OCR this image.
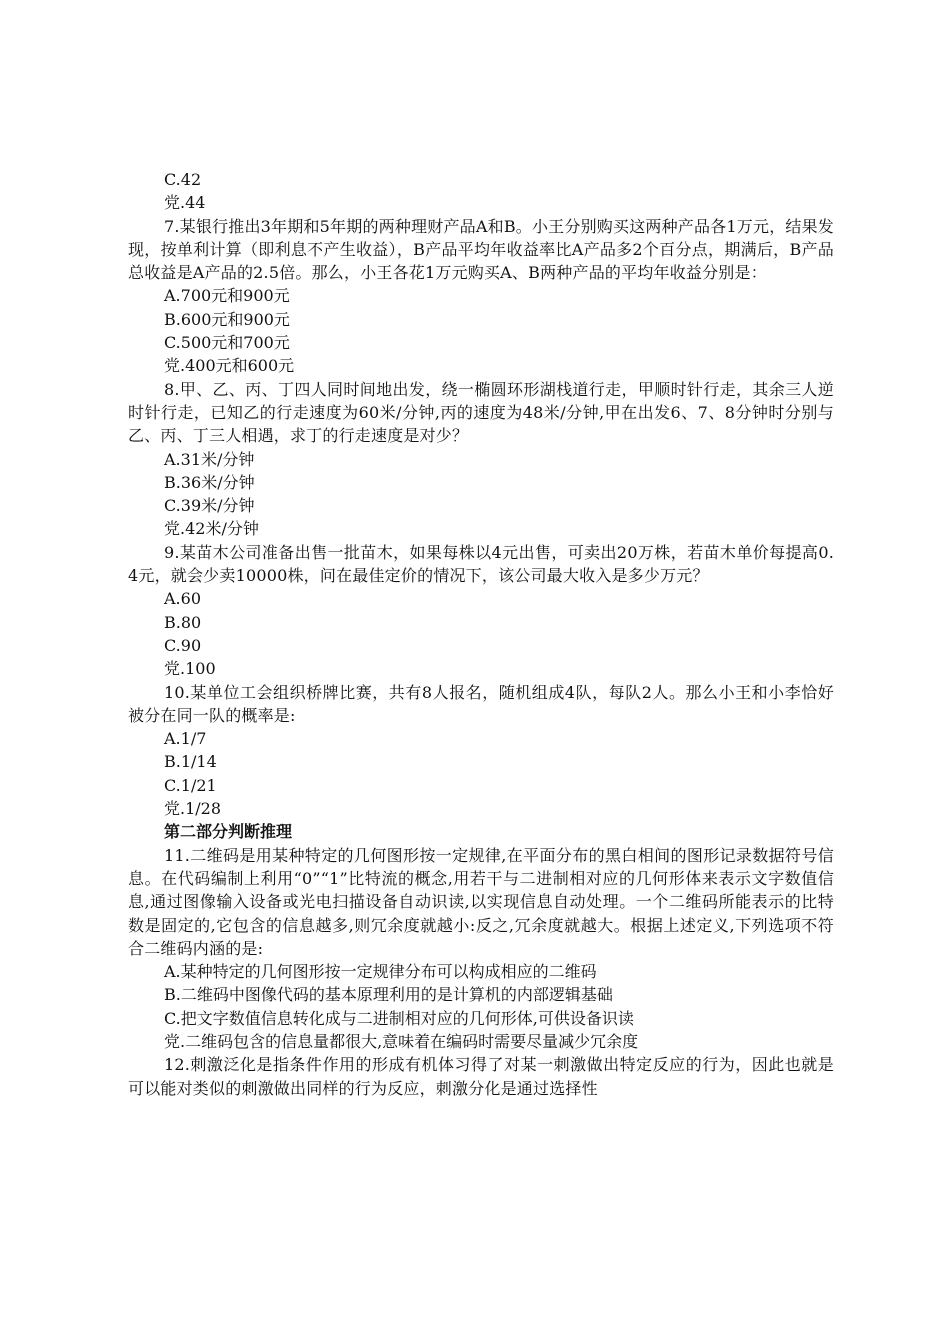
C.42
党.44
7.某银行推出3年期和5年期的两种理财产品A和B。小王分别购买这两种产品各1万元，结果发现，按单利计算（即利息不产生收益），B产品平均年收益率比A产品多2个百分点，期满后，B产品总收益是A产品的2.5倍。那么，小王各花1万元购买A、B两种产品的平均年收益分别是：
A.700元和900元
B.600元和900元
C.500元和700元
党.400元和600元
8.甲、乙、丙、丁四人同时间地出发，绕一椭圆环形湖栈道行走，甲顺时针行走，其余三人逆时针行走，已知乙的行走速度为60米/分钟,丙的速度为48米/分钟,甲在出发6、7、8分钟时分别与乙、丙、丁三人相遇，求丁的行走速度是对少？
A.31米/分钟
B.36米/分钟
C.39米/分钟
党.42米/分钟
9.某苗木公司准备出售一批苗木，如果每株以4元出售，可卖出20万株，若苗木单价每提高0.4元，就会少卖10000株，问在最佳定价的情况下，该公司最大收入是多少万元？
A.60
B.80
C.90
党.100
10.某单位工会组织桥牌比赛，共有8人报名，随机组成4队，每队2人。那么小王和小李恰好被分在同一队的概率是:
A.1/7
B.1/14
C.1/21
党.1/28
第二部分判断推理
11.二维码是用某种特定的几何图形按一定规律,在平面分布的黑白相间的图形记录数据符号信息。在代码编制上利用“0”“1”比特流的概念,用若干与二进制相对应的几何形体来表示文字数值信息,通过图像输入设备或光电扫描设备自动识读,以实现信息自动处理。一个二维码所能表示的比特数是固定的,它包含的信息越多,则冗余度就越小:反之,冗余度就越大。根据上述定义,下列选项不符合二维码内涵的是:
A.某种特定的几何图形按一定规律分布可以构成相应的二维码
B.二维码中图像代码的基本原理利用的是计算机的内部逻辑基础
C.把文字数值信息转化成与二进制相对应的几何形体,可供设备识读
党.二维码包含的信息量都很大,意味着在编码时需要尽量减少冗余度
12.刺激泛化是指条件作用的形成有机体习得了对某一刺激做出特定反应的行为，因此也就是可以能对类似的刺激做出同样的行为反应，刺激分化是通过选择性
